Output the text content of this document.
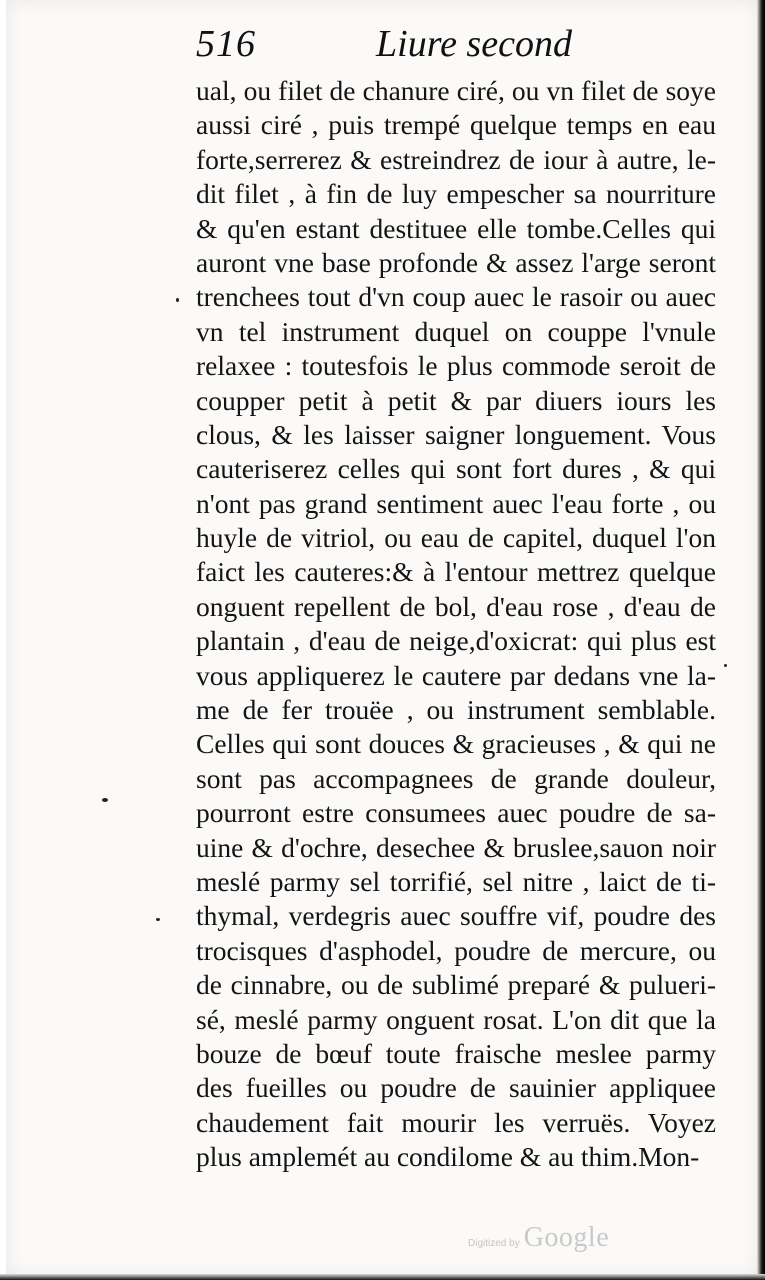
516	Liure second
ual, ou filet de chanure ciré, ou vn filet de soye
aussi ciré , puis trempé quelque temps en eau
forte,serrerez & estreindrez de iour à autre, le-
dit filet , à fin de luy empescher sa nourriture
& qu'en estant destituee elle tombe.Celles qui
auront vne base profonde & assez l'arge seront
trenchees tout d'vn coup auec le rasoir ou auec
vn tel instrument duquel on couppe l'vnule
relaxee : toutesfois le plus commode seroit de
coupper petit à petit & par diuers iours les
clous, & les laisser saigner longuement. Vous
cauteriserez celles qui sont fort dures , & qui
n'ont pas grand sentiment auec l'eau forte , ou
huyle de vitriol, ou eau de capitel, duquel l'on
faict les cauteres:& à l'entour mettrez quelque
onguent repellent de bol, d'eau rose , d'eau de
plantain , d'eau de neige,d'oxicrat: qui plus est
vous appliquerez le cautere par dedans vne la-
me de fer trouëe , ou instrument semblable.
Celles qui sont douces & gracieuses , & qui ne
sont pas accompagnees de grande douleur,
pourront estre consumees auec poudre de sa-
uine & d'ochre, desechee & bruslee,sauon noir
meslé parmy sel torrifié, sel nitre , laict de ti-
thymal, verdegris auec souffre vif, poudre des
trocisques d'asphodel, poudre de mercure, ou
de cinnabre, ou de sublimé preparé & pulueri-
sé, meslé parmy onguent rosat. L'on dit que la
bouze de bœuf toute fraische meslee parmy
des fueilles ou poudre de sauinier appliquee
chaudement fait mourir les verruës. Voyez
plus amplemét au condilome & au thim.Mon-
Digitized by Google
